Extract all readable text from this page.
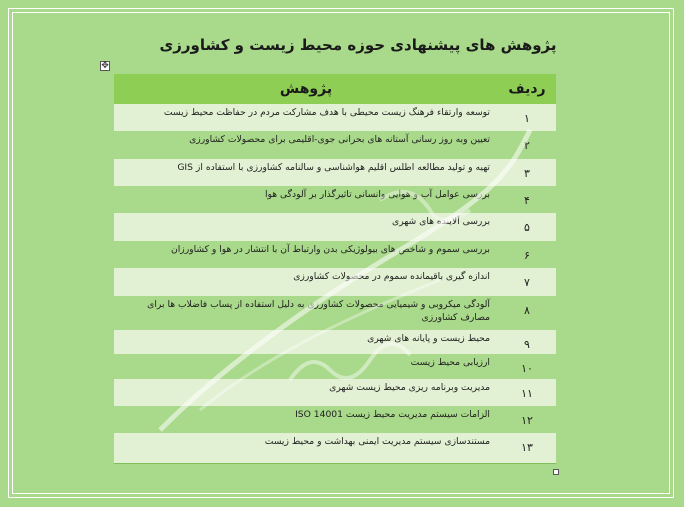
پژوهش های پیشنهادی حوزه محیط زیست و کشاورزی
✥
ردیف
پژوهش
۱
توسعه وارتقاء فرهنگ زیست محیطی با هدف مشارکت مردم در حفاظت محیط زیست
۲
تعیین وبه روز رسانی آستانه های بحرانی جوی-اقلیمی برای محصولات کشاورزی
۳
تهیه و تولید مطالعه اطلس اقلیم هواشناسی و سالنامه کشاورزی با استفاده از GIS
۴
بررسی عوامل آب و هوایی وانسانی تاثیرگذار بر آلودگی هوا
۵
بررسی آلاینده های شهری
۶
بررسی سموم و شاخص های بیولوژیکی بدن وارتباط آن با انتشار در هوا و کشاورزان
۷
اندازه گیری باقیمانده سموم در محصولات کشاورزی
۸
آلودگی میکروبی و شیمیایی محصولات کشاورزی به دلیل استفاده از پساب فاضلاب ها برای مصارف کشاورزی
۹
محیط زیست و پایانه های شهری
۱۰
ارزیابی محیط زیست
۱۱
مدیریت وبرنامه ریزی محیط زیست شهری
۱۲
الزامات سیستم مدیریت محیط زیست ISO 14001
۱۳
مستندسازی سیستم مدیریت ایمنی بهداشت و محیط زیست
